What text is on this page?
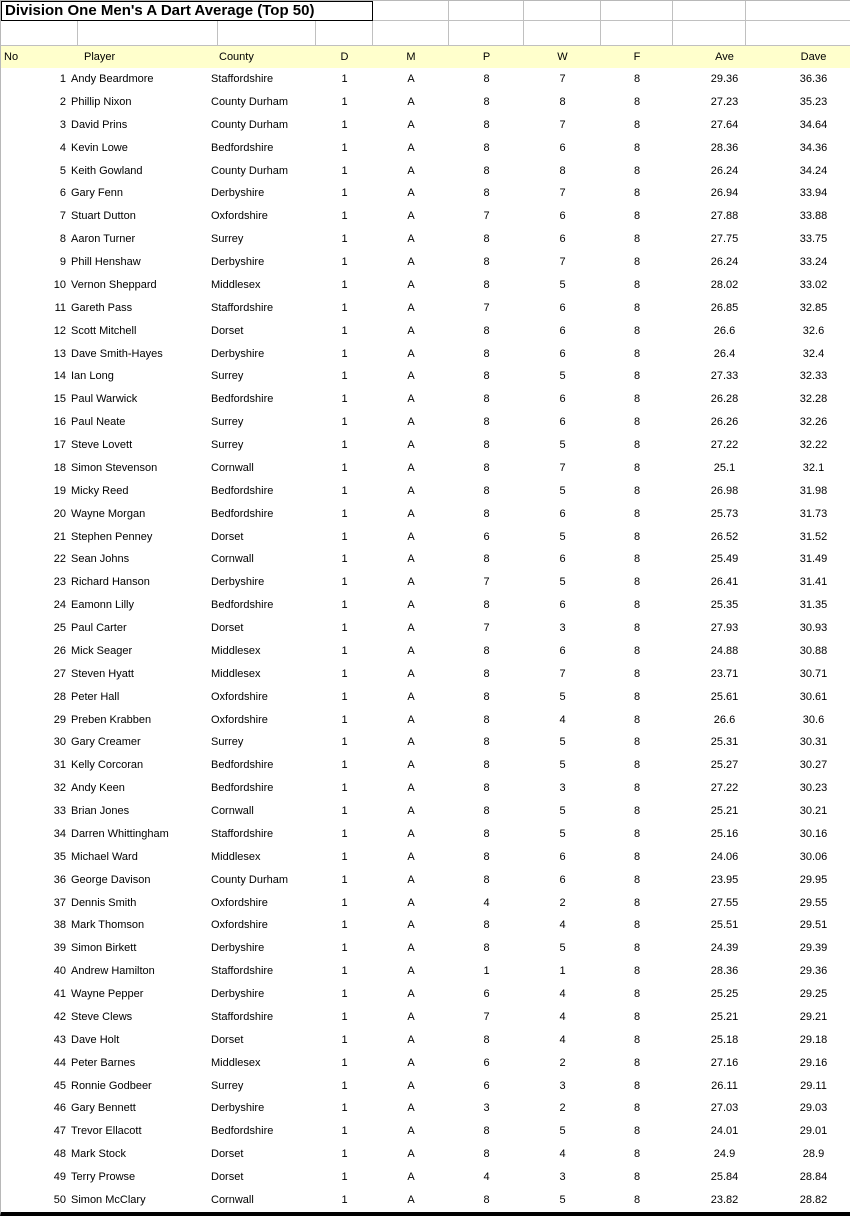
Division One Men's A Dart Average (Top 50)
No	Player	County	D	M	P	W	F	Ave	Dave
1 Andy Beardmore	Staffordshire	1	A	8	7	8	29.36	36.36
2 Phillip Nixon	County Durham	1	A	8	8	8	27.23	35.23
3 David Prins	County Durham	1	A	8	7	8	27.64	34.64
4 Kevin Lowe	Bedfordshire	1	A	8	6	8	28.36	34.36
5 Keith Gowland	County Durham	1	A	8	8	8	26.24	34.24
6 Gary Fenn	Derbyshire	1	A	8	7	8	26.94	33.94
7 Stuart Dutton	Oxfordshire	1	A	7	6	8	27.88	33.88
8 Aaron Turner	Surrey	1	A	8	6	8	27.75	33.75
9 Phill Henshaw	Derbyshire	1	A	8	7	8	26.24	33.24
10 Vernon Sheppard	Middlesex	1	A	8	5	8	28.02	33.02
11 Gareth Pass	Staffordshire	1	A	7	6	8	26.85	32.85
12 Scott Mitchell	Dorset	1	A	8	6	8	26.6	32.6
13 Dave Smith-Hayes	Derbyshire	1	A	8	6	8	26.4	32.4
14 Ian Long	Surrey	1	A	8	5	8	27.33	32.33
15 Paul Warwick	Bedfordshire	1	A	8	6	8	26.28	32.28
16 Paul Neate	Surrey	1	A	8	6	8	26.26	32.26
17 Steve Lovett	Surrey	1	A	8	5	8	27.22	32.22
18 Simon Stevenson	Cornwall	1	A	8	7	8	25.1	32.1
19 Micky Reed	Bedfordshire	1	A	8	5	8	26.98	31.98
20 Wayne Morgan	Bedfordshire	1	A	8	6	8	25.73	31.73
21 Stephen Penney	Dorset	1	A	6	5	8	26.52	31.52
22 Sean Johns	Cornwall	1	A	8	6	8	25.49	31.49
23 Richard Hanson	Derbyshire	1	A	7	5	8	26.41	31.41
24 Eamonn Lilly	Bedfordshire	1	A	8	6	8	25.35	31.35
25 Paul Carter	Dorset	1	A	7	3	8	27.93	30.93
26 Mick Seager	Middlesex	1	A	8	6	8	24.88	30.88
27 Steven Hyatt	Middlesex	1	A	8	7	8	23.71	30.71
28 Peter Hall	Oxfordshire	1	A	8	5	8	25.61	30.61
29 Preben Krabben	Oxfordshire	1	A	8	4	8	26.6	30.6
30 Gary Creamer	Surrey	1	A	8	5	8	25.31	30.31
31 Kelly Corcoran	Bedfordshire	1	A	8	5	8	25.27	30.27
32 Andy Keen	Bedfordshire	1	A	8	3	8	27.22	30.23
33 Brian Jones	Cornwall	1	A	8	5	8	25.21	30.21
34 Darren Whittingham	Staffordshire	1	A	8	5	8	25.16	30.16
35 Michael Ward	Middlesex	1	A	8	6	8	24.06	30.06
36 George Davison	County Durham	1	A	8	6	8	23.95	29.95
37 Dennis Smith	Oxfordshire	1	A	4	2	8	27.55	29.55
38 Mark Thomson	Oxfordshire	1	A	8	4	8	25.51	29.51
39 Simon Birkett	Derbyshire	1	A	8	5	8	24.39	29.39
40 Andrew Hamilton	Staffordshire	1	A	1	1	8	28.36	29.36
41 Wayne Pepper	Derbyshire	1	A	6	4	8	25.25	29.25
42 Steve Clews	Staffordshire	1	A	7	4	8	25.21	29.21
43 Dave Holt	Dorset	1	A	8	4	8	25.18	29.18
44 Peter Barnes	Middlesex	1	A	6	2	8	27.16	29.16
45 Ronnie Godbeer	Surrey	1	A	6	3	8	26.11	29.11
46 Gary Bennett	Derbyshire	1	A	3	2	8	27.03	29.03
47 Trevor Ellacott	Bedfordshire	1	A	8	5	8	24.01	29.01
48 Mark Stock	Dorset	1	A	8	4	8	24.9	28.9
49 Terry Prowse	Dorset	1	A	4	3	8	25.84	28.84
50 Simon McClary	Cornwall	1	A	8	5	8	23.82	28.82
